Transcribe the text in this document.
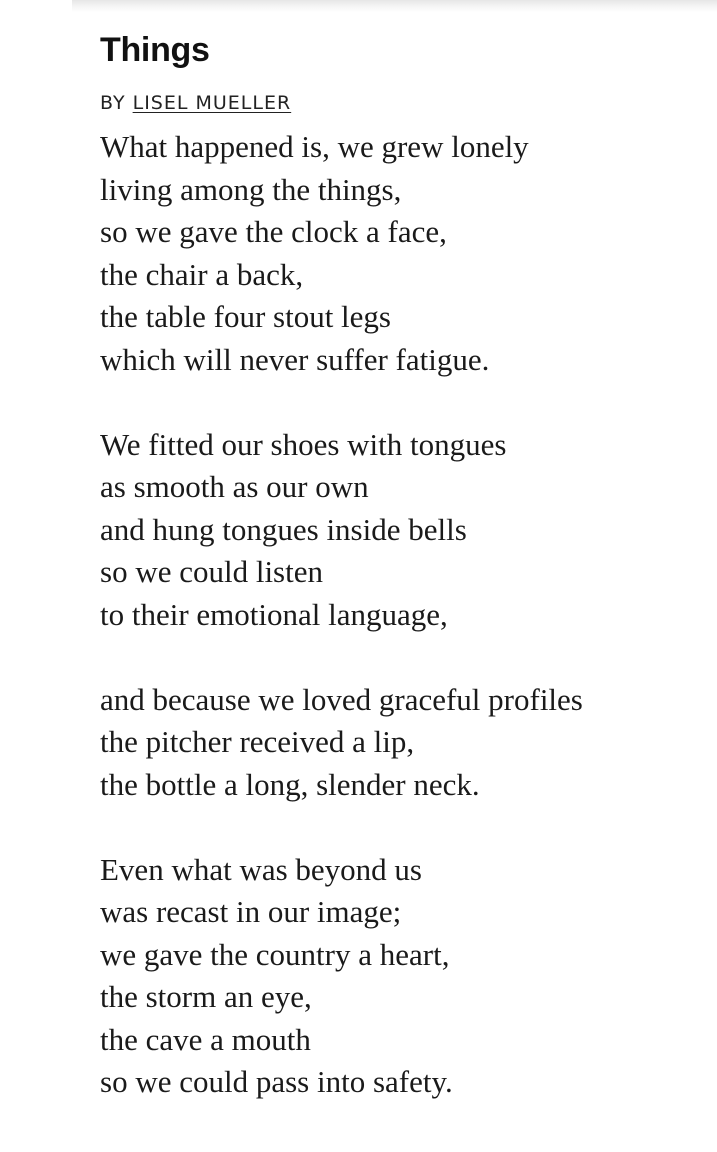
Things
BY LISEL MUELLER
What happened is, we grew lonely
living among the things,
so we gave the clock a face,
the chair a back,
the table four stout legs
which will never suffer fatigue.
We fitted our shoes with tongues
as smooth as our own
and hung tongues inside bells
so we could listen
to their emotional language,
and because we loved graceful profiles
the pitcher received a lip,
the bottle a long, slender neck.
Even what was beyond us
was recast in our image;
we gave the country a heart,
the storm an eye,
the cave a mouth
so we could pass into safety.
